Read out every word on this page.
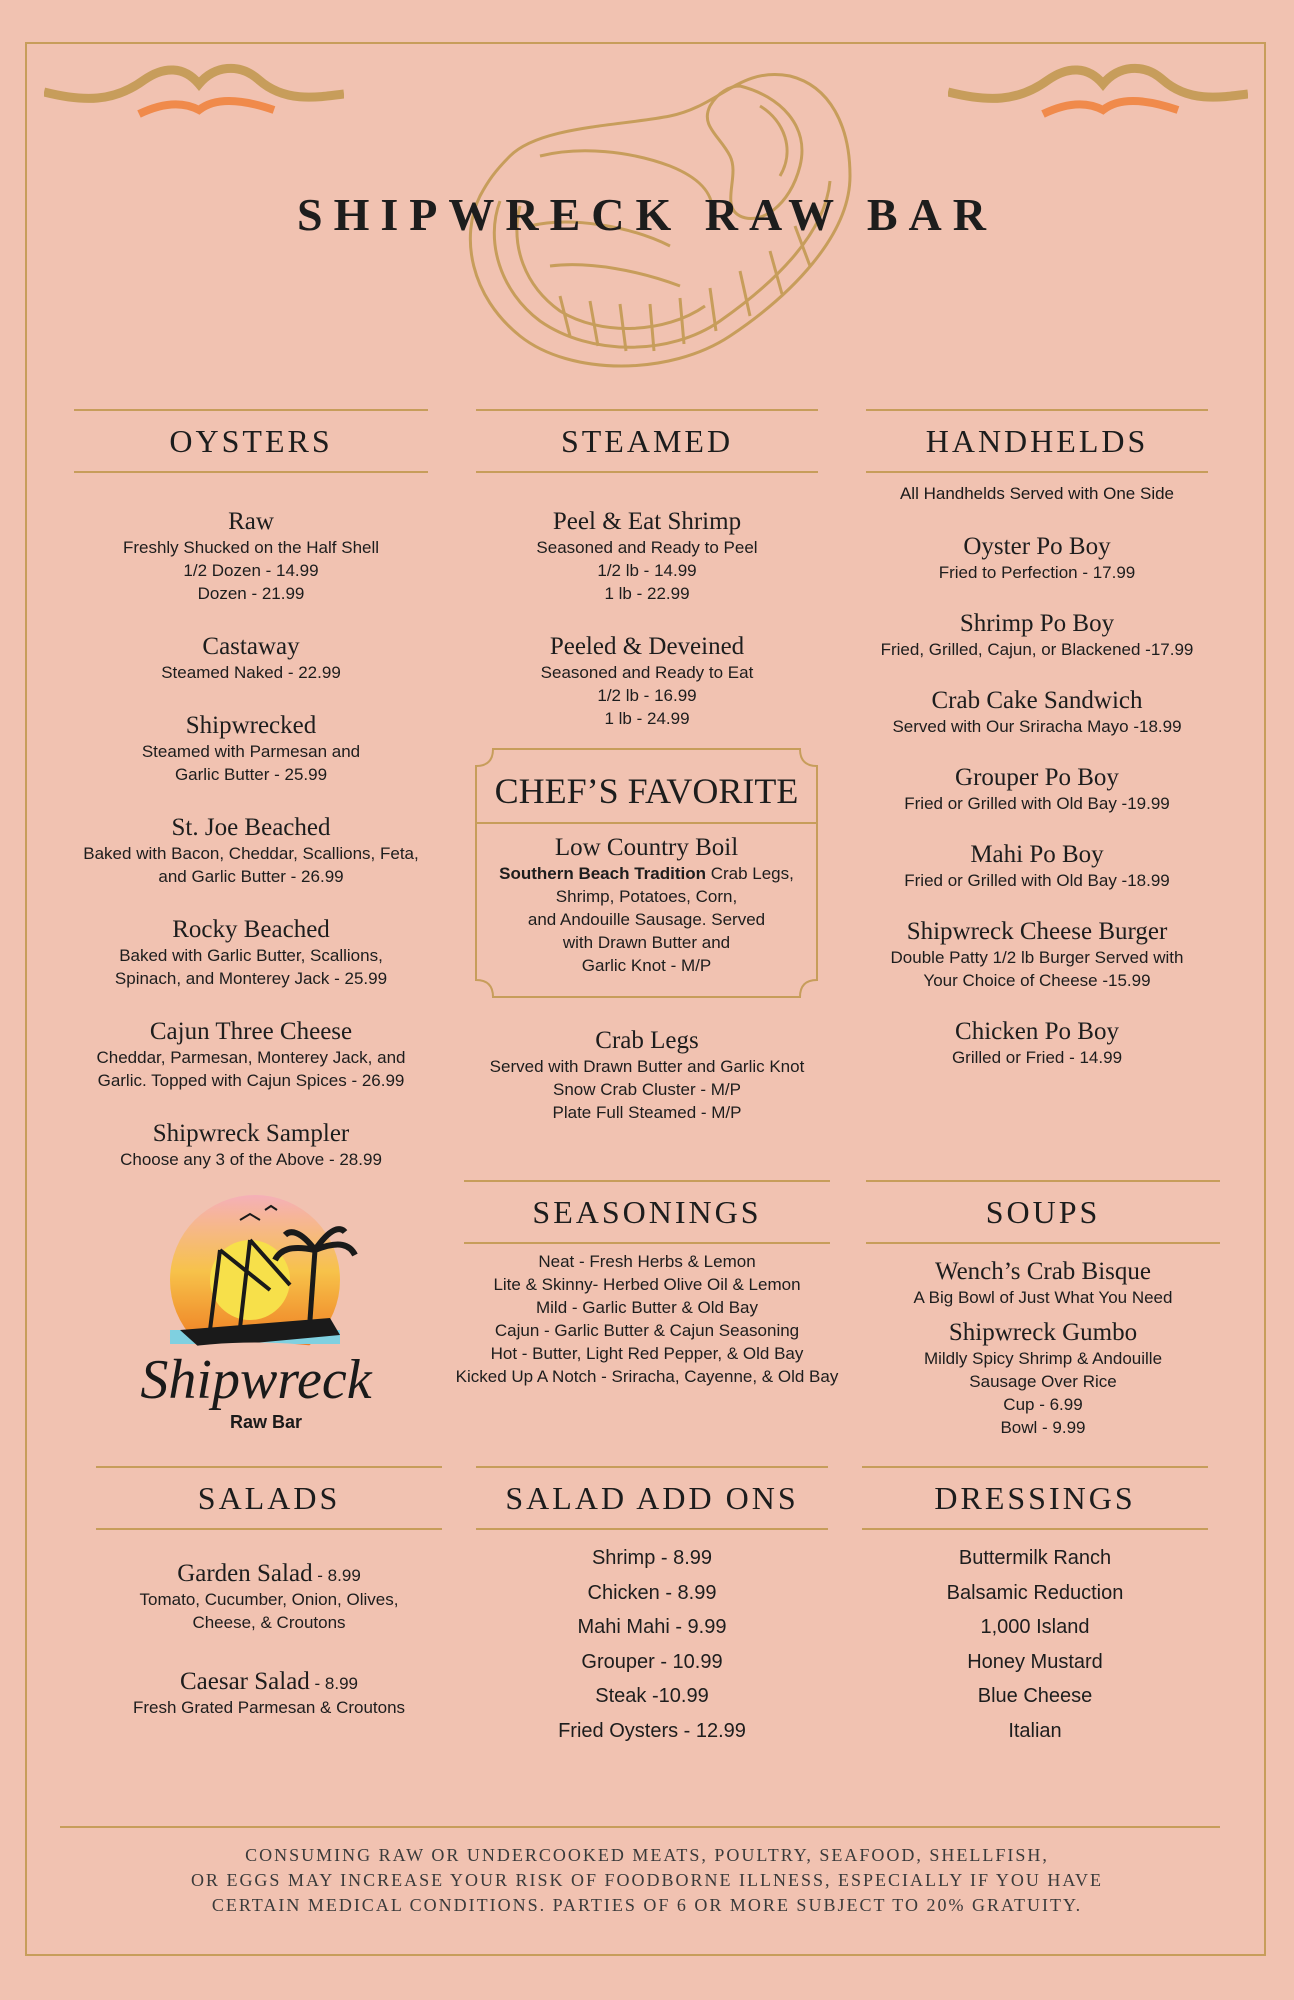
SHIPWRECK RAW BAR
OYSTERS
Raw
Freshly Shucked on the Half Shell
1/2 Dozen - 14.99
Dozen - 21.99
Castaway
Steamed Naked - 22.99
Shipwrecked
Steamed with Parmesan and
Garlic Butter - 25.99
St. Joe Beached
Baked with Bacon, Cheddar, Scallions, Feta,
and Garlic Butter - 26.99
Rocky Beached
Baked with Garlic Butter, Scallions,
Spinach, and Monterey Jack - 25.99
Cajun Three Cheese
Cheddar, Parmesan, Monterey Jack, and
Garlic. Topped with Cajun Spices - 26.99
Shipwreck Sampler
Choose any 3 of the Above - 28.99
STEAMED
Peel & Eat Shrimp
Seasoned and Ready to Peel
1/2 lb - 14.99
1 lb - 22.99
Peeled & Deveined
Seasoned and Ready to Eat
1/2 lb - 16.99
1 lb - 24.99
CHEF’S FAVORITE
Low Country Boil
Southern Beach Tradition Crab Legs,
Shrimp, Potatoes, Corn,
and Andouille Sausage. Served
with Drawn Butter and
Garlic Knot - M/P
Crab Legs
Served with Drawn Butter and Garlic Knot
Snow Crab Cluster - M/P
Plate Full Steamed - M/P
HANDHELDS
All Handhelds Served with One Side
Oyster Po Boy
Fried to Perfection - 17.99
Shrimp Po Boy
Fried, Grilled, Cajun, or Blackened -17.99
Crab Cake Sandwich
Served with Our Sriracha Mayo -18.99
Grouper Po Boy
Fried or Grilled with Old Bay -19.99
Mahi Po Boy
Fried or Grilled with Old Bay -18.99
Shipwreck Cheese Burger
Double Patty 1/2 lb Burger Served with
Your Choice of Cheese -15.99
Chicken Po Boy
Grilled or Fried - 14.99
Shipwreck
Raw Bar
SEASONINGS
Neat - Fresh Herbs & Lemon
Lite & Skinny- Herbed Olive Oil & Lemon
Mild - Garlic Butter & Old Bay
Cajun - Garlic Butter & Cajun Seasoning
Hot - Butter, Light Red Pepper, & Old Bay
Kicked Up A Notch - Sriracha, Cayenne, & Old Bay
SOUPS
Wench’s Crab Bisque
A Big Bowl of Just What You Need
Shipwreck Gumbo
Mildly Spicy Shrimp & Andouille
Sausage Over Rice
Cup - 6.99
Bowl - 9.99
SALADS
Garden Salad - 8.99
Tomato, Cucumber, Onion, Olives,
Cheese, & Croutons
Caesar Salad - 8.99
Fresh Grated Parmesan & Croutons
SALAD ADD ONS
Shrimp - 8.99
Chicken - 8.99
Mahi Mahi - 9.99
Grouper - 10.99
Steak -10.99
Fried Oysters - 12.99
DRESSINGS
Buttermilk Ranch
Balsamic Reduction
1,000 Island
Honey Mustard
Blue Cheese
Italian
CONSUMING RAW OR UNDERCOOKED MEATS, POULTRY, SEAFOOD, SHELLFISH,
OR EGGS MAY INCREASE YOUR RISK OF FOODBORNE ILLNESS, ESPECIALLY IF YOU HAVE
CERTAIN MEDICAL CONDITIONS. PARTIES OF 6 OR MORE SUBJECT TO 20% GRATUITY.
